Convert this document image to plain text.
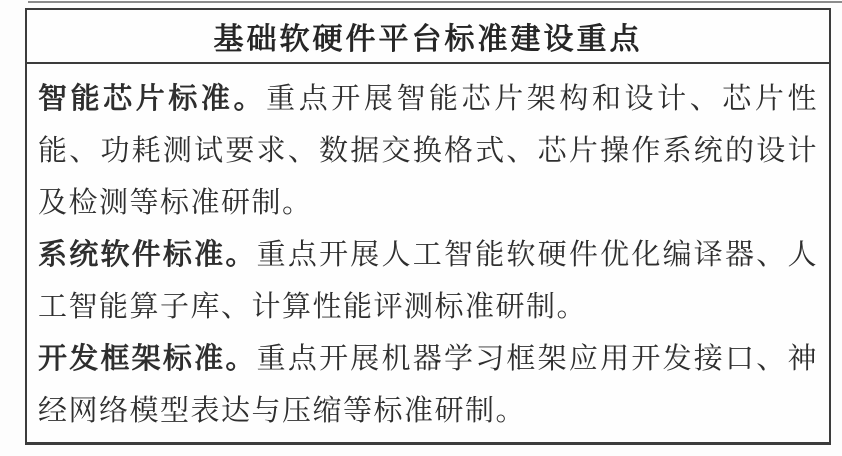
基础软硬件平台标准建设重点

智能芯片标准。重点开展智能芯片架构和设计、芯片性能、功耗测试要求、数据交换格式、芯片操作系统的设计及检测等标准研制。

系统软件标准。重点开展人工智能软硬件优化编译器、人工智能算子库、计算性能评测标准研制。

开发框架标准。重点开展机器学习框架应用开发接口、神经网络模型表达与压缩等标准研制。
